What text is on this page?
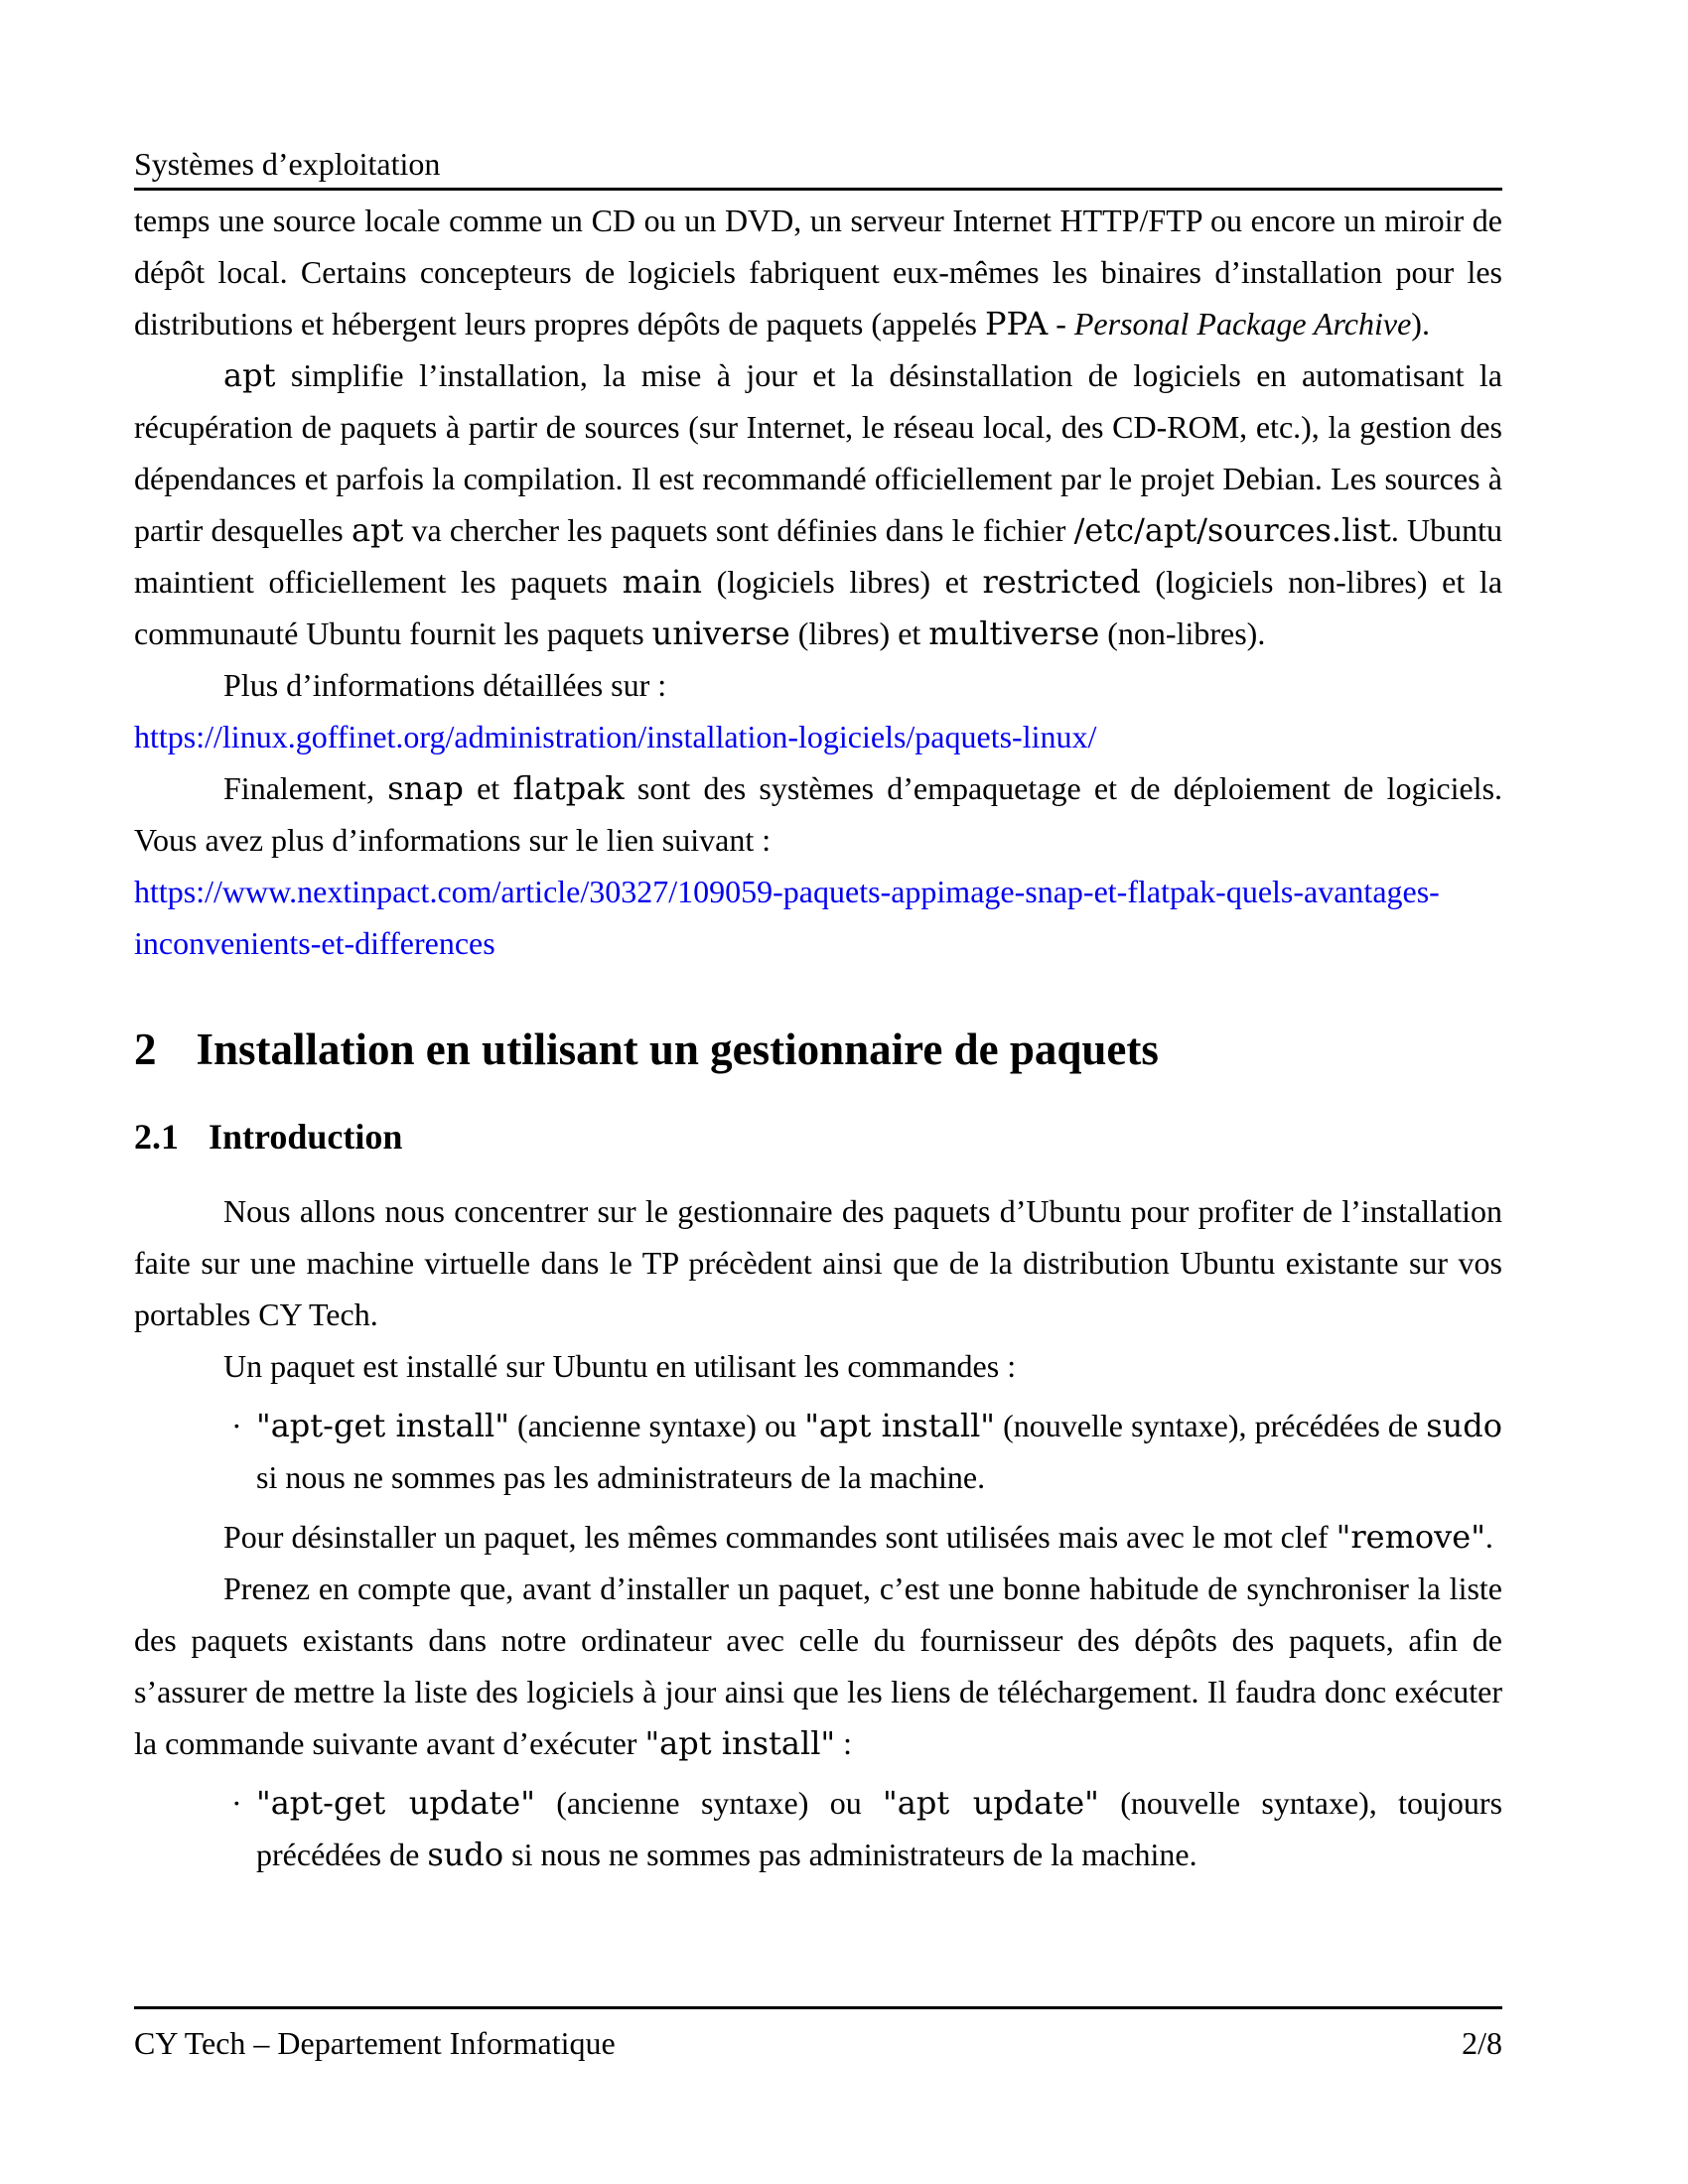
Systèmes d’exploitation

temps une source locale comme un CD ou un DVD, un serveur Internet HTTP/FTP ou encore un miroir de dépôt local. Certains concepteurs de logiciels fabriquent eux-mêmes les binaires d’installation pour les distributions et hébergent leurs propres dépôts de paquets (appelés PPA - Personal Package Archive).

apt simplifie l’installation, la mise à jour et la désinstallation de logiciels en automatisant la récupération de paquets à partir de sources (sur Internet, le réseau local, des CD-ROM, etc.), la gestion des dépendances et parfois la compilation. Il est recommandé officiellement par le projet Debian. Les sources à partir desquelles apt va chercher les paquets sont définies dans le fichier /etc/apt/sources.list. Ubuntu maintient officiellement les paquets main (logiciels libres) et restricted (logiciels non-libres) et la communauté Ubuntu fournit les paquets universe (libres) et multiverse (non-libres).

Plus d’informations détaillées sur :

https://linux.goffinet.org/administration/installation-logiciels/paquets-linux/

Finalement, snap et flatpak sont des systèmes d’empaquetage et de déploiement de logiciels. Vous avez plus d’informations sur le lien suivant :

https://www.nextinpact.com/article/30327/109059-paquets-appimage-snap-et-flatpak-quels-avantages-
inconvenients-et-differences
2 Installation en utilisant un gestionnaire de paquets
2.1 Introduction

Nous allons nous concentrer sur le gestionnaire des paquets d’Ubuntu pour profiter de l’installation faite sur une machine virtuelle dans le TP précèdent ainsi que de la distribution Ubuntu existante sur vos portables CY Tech.

Un paquet est installé sur Ubuntu en utilisant les commandes :

· "apt-get install" (ancienne syntaxe) ou "apt install" (nouvelle syntaxe), précédées de sudo si nous ne sommes pas les administrateurs de la machine.

Pour désinstaller un paquet, les mêmes commandes sont utilisées mais avec le mot clef "remove".

Prenez en compte que, avant d’installer un paquet, c’est une bonne habitude de synchroniser la liste des paquets existants dans notre ordinateur avec celle du fournisseur des dépôts des paquets, afin de s’assurer de mettre la liste des logiciels à jour ainsi que les liens de téléchargement. Il faudra donc exécuter la commande suivante avant d’exécuter "apt install" :

· "apt-get update" (ancienne syntaxe) ou "apt update" (nouvelle syntaxe), toujours précédées de sudo si nous ne sommes pas administrateurs de la machine.
CY Tech – Departement Informatique	2/8
